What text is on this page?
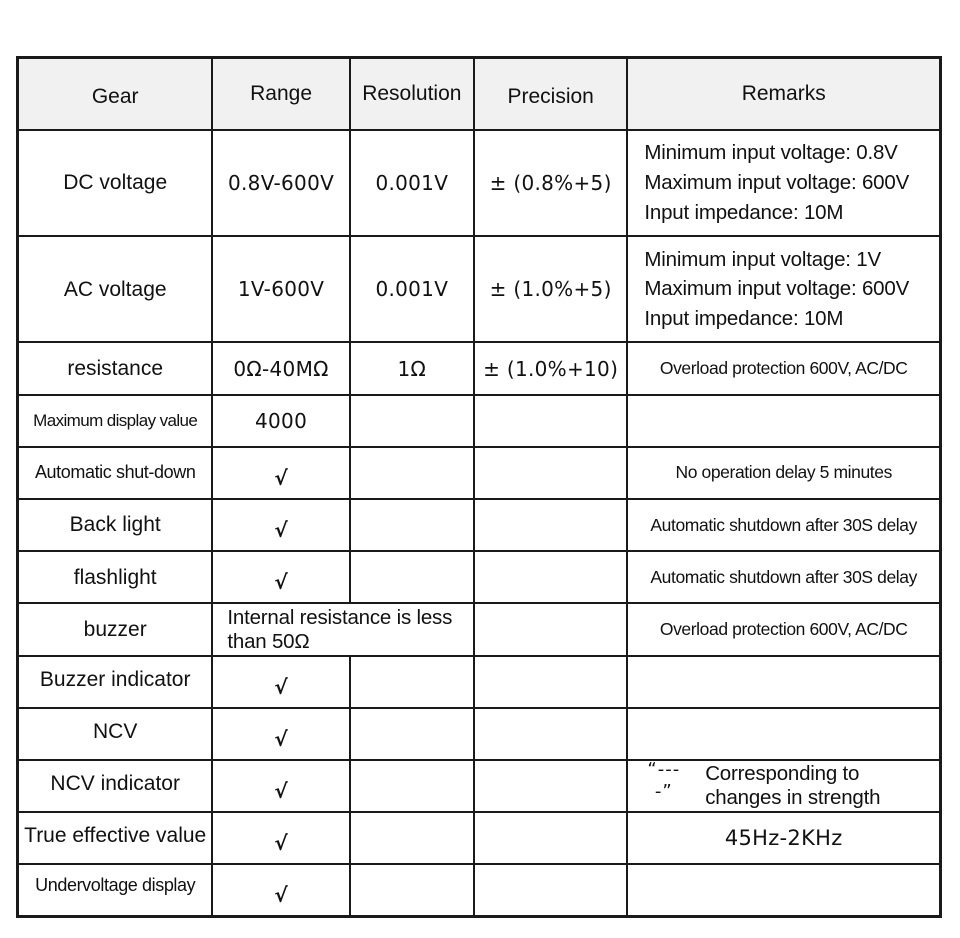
Gear	Range	Resolution	Precision	Remarks
DC voltage	0.8V-600V	0.001V	± (0.8%+5)	Minimum input voltage: 0.8V
Maximum input voltage: 600V
Input impedance: 10M

AC voltage	1V-600V	0.001V	± (1.0%+5)	Minimum input voltage: 1V
Maximum input voltage: 600V
Input impedance: 10M

resistance	0Ω-40MΩ	1Ω	± (1.0%+10)	Overload protection 600V, AC/DC
Maximum display value	4000			
Automatic shut-down	√			No operation delay 5 minutes
Back light	√			Automatic shutdown after 30S delay
flashlight	√			Automatic shutdown after 30S delay
buzzer	Internal resistance is less than 50Ω			Overload protection 600V, AC/DC
Buzzer indicator	√			
NCV	√			
NCV indicator	√			“----”
Corresponding to changes in strength

True effective value	√			45Hz-2KHz
Undervoltage display	√			
